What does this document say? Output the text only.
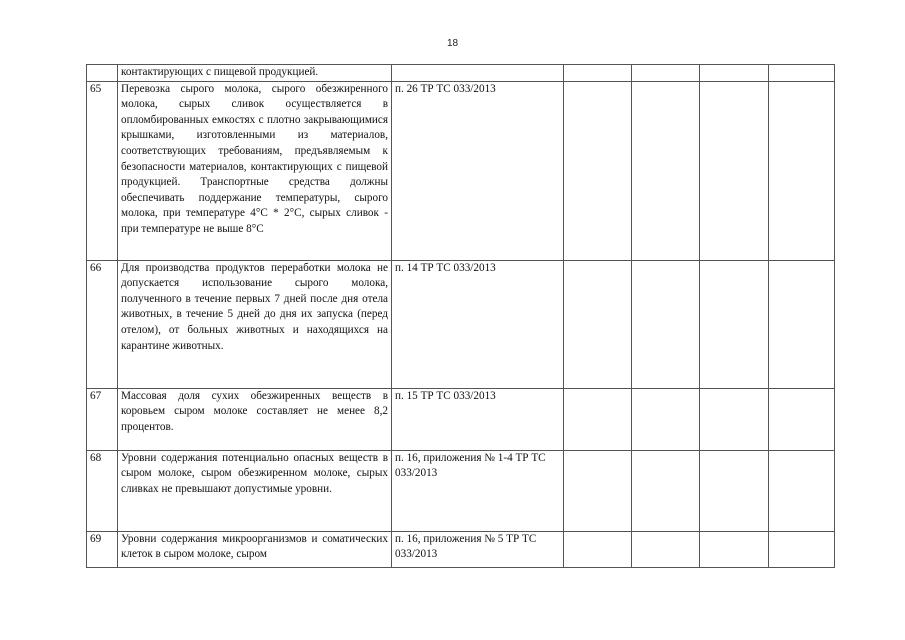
18
	контактирующих с пищевой продукцией.					
65	Перевозка сырого молока, сырого обезжиренного молока, сырых сливок осуществляется в опломбированных емкостях с плотно закрывающимися крышками, изготовленными из материалов, соответствующих требованиям, предъявляемым к безопасности материалов, контактирующих с пищевой продукцией. Транспортные средства должны обеспечивать поддержание температуры, сырого молока, при температуре 4°С * 2°С, сырых сливок - при температуре не выше 8°С	п. 26 ТР ТС 033/2013				
66	Для производства продуктов переработки молока не допускается использование сырого молока, полученного в течение первых 7 дней после дня отела животных, в течение 5 дней до дня их запуска (перед отелом), от больных животных и находящихся на карантине животных.	п. 14 ТР ТС 033/2013				
67	Массовая доля сухих обезжиренных веществ в коровьем сыром молоке составляет не менее 8,2 процентов.	п. 15 ТР ТС 033/2013				
68	Уровни содержания потенциально опасных веществ в сыром молоке, сыром обезжиренном молоке, сырых сливках не превышают допустимые уровни.	п. 16, приложения № 1-4 ТР ТС 033/2013				
69	Уровни содержания микроорганизмов и соматических клеток в сыром молоке, сыром	п. 16, приложения № 5 ТР ТС 033/2013				
